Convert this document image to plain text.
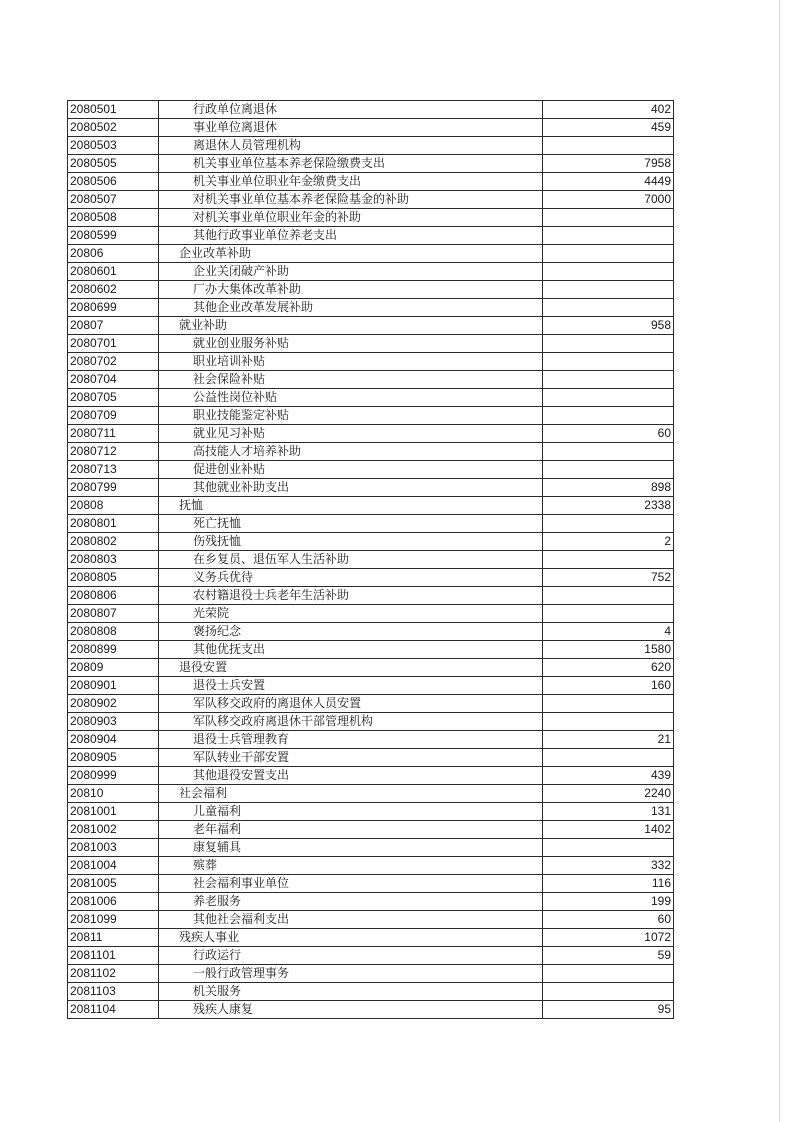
2080501	行政单位离退休	402
2080502	事业单位离退休	459
2080503	离退休人员管理机构	
2080505	机关事业单位基本养老保险缴费支出	7958
2080506	机关事业单位职业年金缴费支出	4449
2080507	对机关事业单位基本养老保险基金的补助	7000
2080508	对机关事业单位职业年金的补助	
2080599	其他行政事业单位养老支出	
20806	企业改革补助	
2080601	企业关闭破产补助	
2080602	厂办大集体改革补助	
2080699	其他企业改革发展补助	
20807	就业补助	958
2080701	就业创业服务补贴	
2080702	职业培训补贴	
2080704	社会保险补贴	
2080705	公益性岗位补贴	
2080709	职业技能鉴定补贴	
2080711	就业见习补贴	60
2080712	高技能人才培养补助	
2080713	促进创业补贴	
2080799	其他就业补助支出	898
20808	抚恤	2338
2080801	死亡抚恤	
2080802	伤残抚恤	2
2080803	在乡复员、退伍军人生活补助	
2080805	义务兵优待	752
2080806	农村籍退役士兵老年生活补助	
2080807	光荣院	
2080808	褒扬纪念	4
2080899	其他优抚支出	1580
20809	退役安置	620
2080901	退役士兵安置	160
2080902	军队移交政府的离退休人员安置	
2080903	军队移交政府离退休干部管理机构	
2080904	退役士兵管理教育	21
2080905	军队转业干部安置	
2080999	其他退役安置支出	439
20810	社会福利	2240
2081001	儿童福利	131
2081002	老年福利	1402
2081003	康复辅具	
2081004	殡葬	332
2081005	社会福利事业单位	116
2081006	养老服务	199
2081099	其他社会福利支出	60
20811	残疾人事业	1072
2081101	行政运行	59
2081102	一般行政管理事务	
2081103	机关服务	
2081104	残疾人康复	95
